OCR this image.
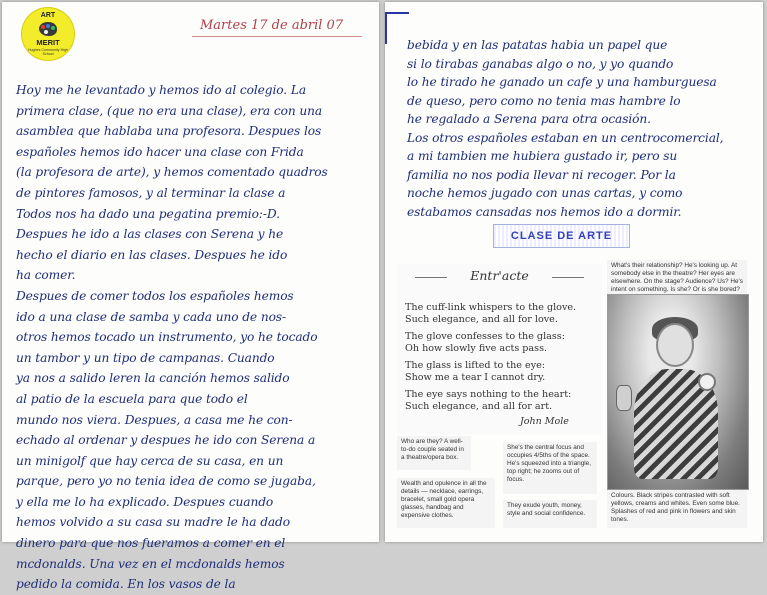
ART
MERIT
Hughes Community High School
Martes 17 de abril 07
Hoy me he levantado y hemos ido al colegio. La
primera clase, (que no era una clase), era con una
asamblea que hablaba una profesora. Despues los
españoles hemos ido hacer una clase con Frida
(la profesora de arte), y hemos comentado quadros
de pintores famosos, y al terminar la clase a
Todos nos ha dado una pegatina premio:-D.
Despues he ido a las clases con Serena y he
hecho el diario en las clases. Despues he ido
ha comer.
Despues de comer todos los españoles hemos
ido a una clase de samba y cada uno de nos-
otros hemos tocado un instrumento, yo he tocado
un tambor y un tipo de campanas. Cuando
ya nos a salido leren la canción hemos salido
al patio de la escuela para que todo el
mundo nos viera. Despues, a casa me he con-
echado al ordenar y despues he ido con Serena a
un minigolf que hay cerca de su casa, en un
parque, pero yo no tenia idea de como se jugaba,
y ella me lo ha explicado. Despues cuando
hemos volvido a su casa su madre le ha dado
dinero para que nos fueramos a comer en el
mcdonalds. Una vez en el mcdonalds hemos
pedido la comida. En los vasos de la
bebida y en las patatas habia un papel que
si lo tirabas ganabas algo o no, y yo quando
lo he tirado he ganado un cafe y una hamburguesa
de queso, pero como no tenia mas hambre lo
he regalado a Serena para otra ocasión.
Los otros españoles estaban en un centrocomercial,
a mi tambien me hubiera gustado ir, pero su
familia no nos podia llevar ni recoger. Por la
noche hemos jugado con unas cartas, y como
estabamos cansadas nos hemos ido a dormir.
CLASE DE ARTE
Entr'acte
The cuff-link whispers to the glove.
Such elegance, and all for love.
The glove confesses to the glass:
Oh how slowly five acts pass.
The glass is lifted to the eye:
Show me a tear I cannot dry.
The eye says nothing to the heart:
Such elegance, and all for art.
John Mole
What's their relationship? He's looking up. At somebody else in the theatre? Her eyes are elsewhere. On the stage? Audience? Us? He's intent on something. Is she? Or is she bored?
Who are they? A well-to-do couple seated in a theatre/opera box.
She's the central focus and occupies 4/5ths of the space. He's squeezed into a triangle, top right; he zooms out of focus.
Wealth and opulence in all the details — necklace, earrings, bracelet, small gold opera glasses, handbag and expensive clothes.
They exude youth, money, style and social confidence.
Colours. Black stripes contrasted with soft yellows, creams and whites. Even some blue. Splashes of red and pink in flowers and skin tones.
